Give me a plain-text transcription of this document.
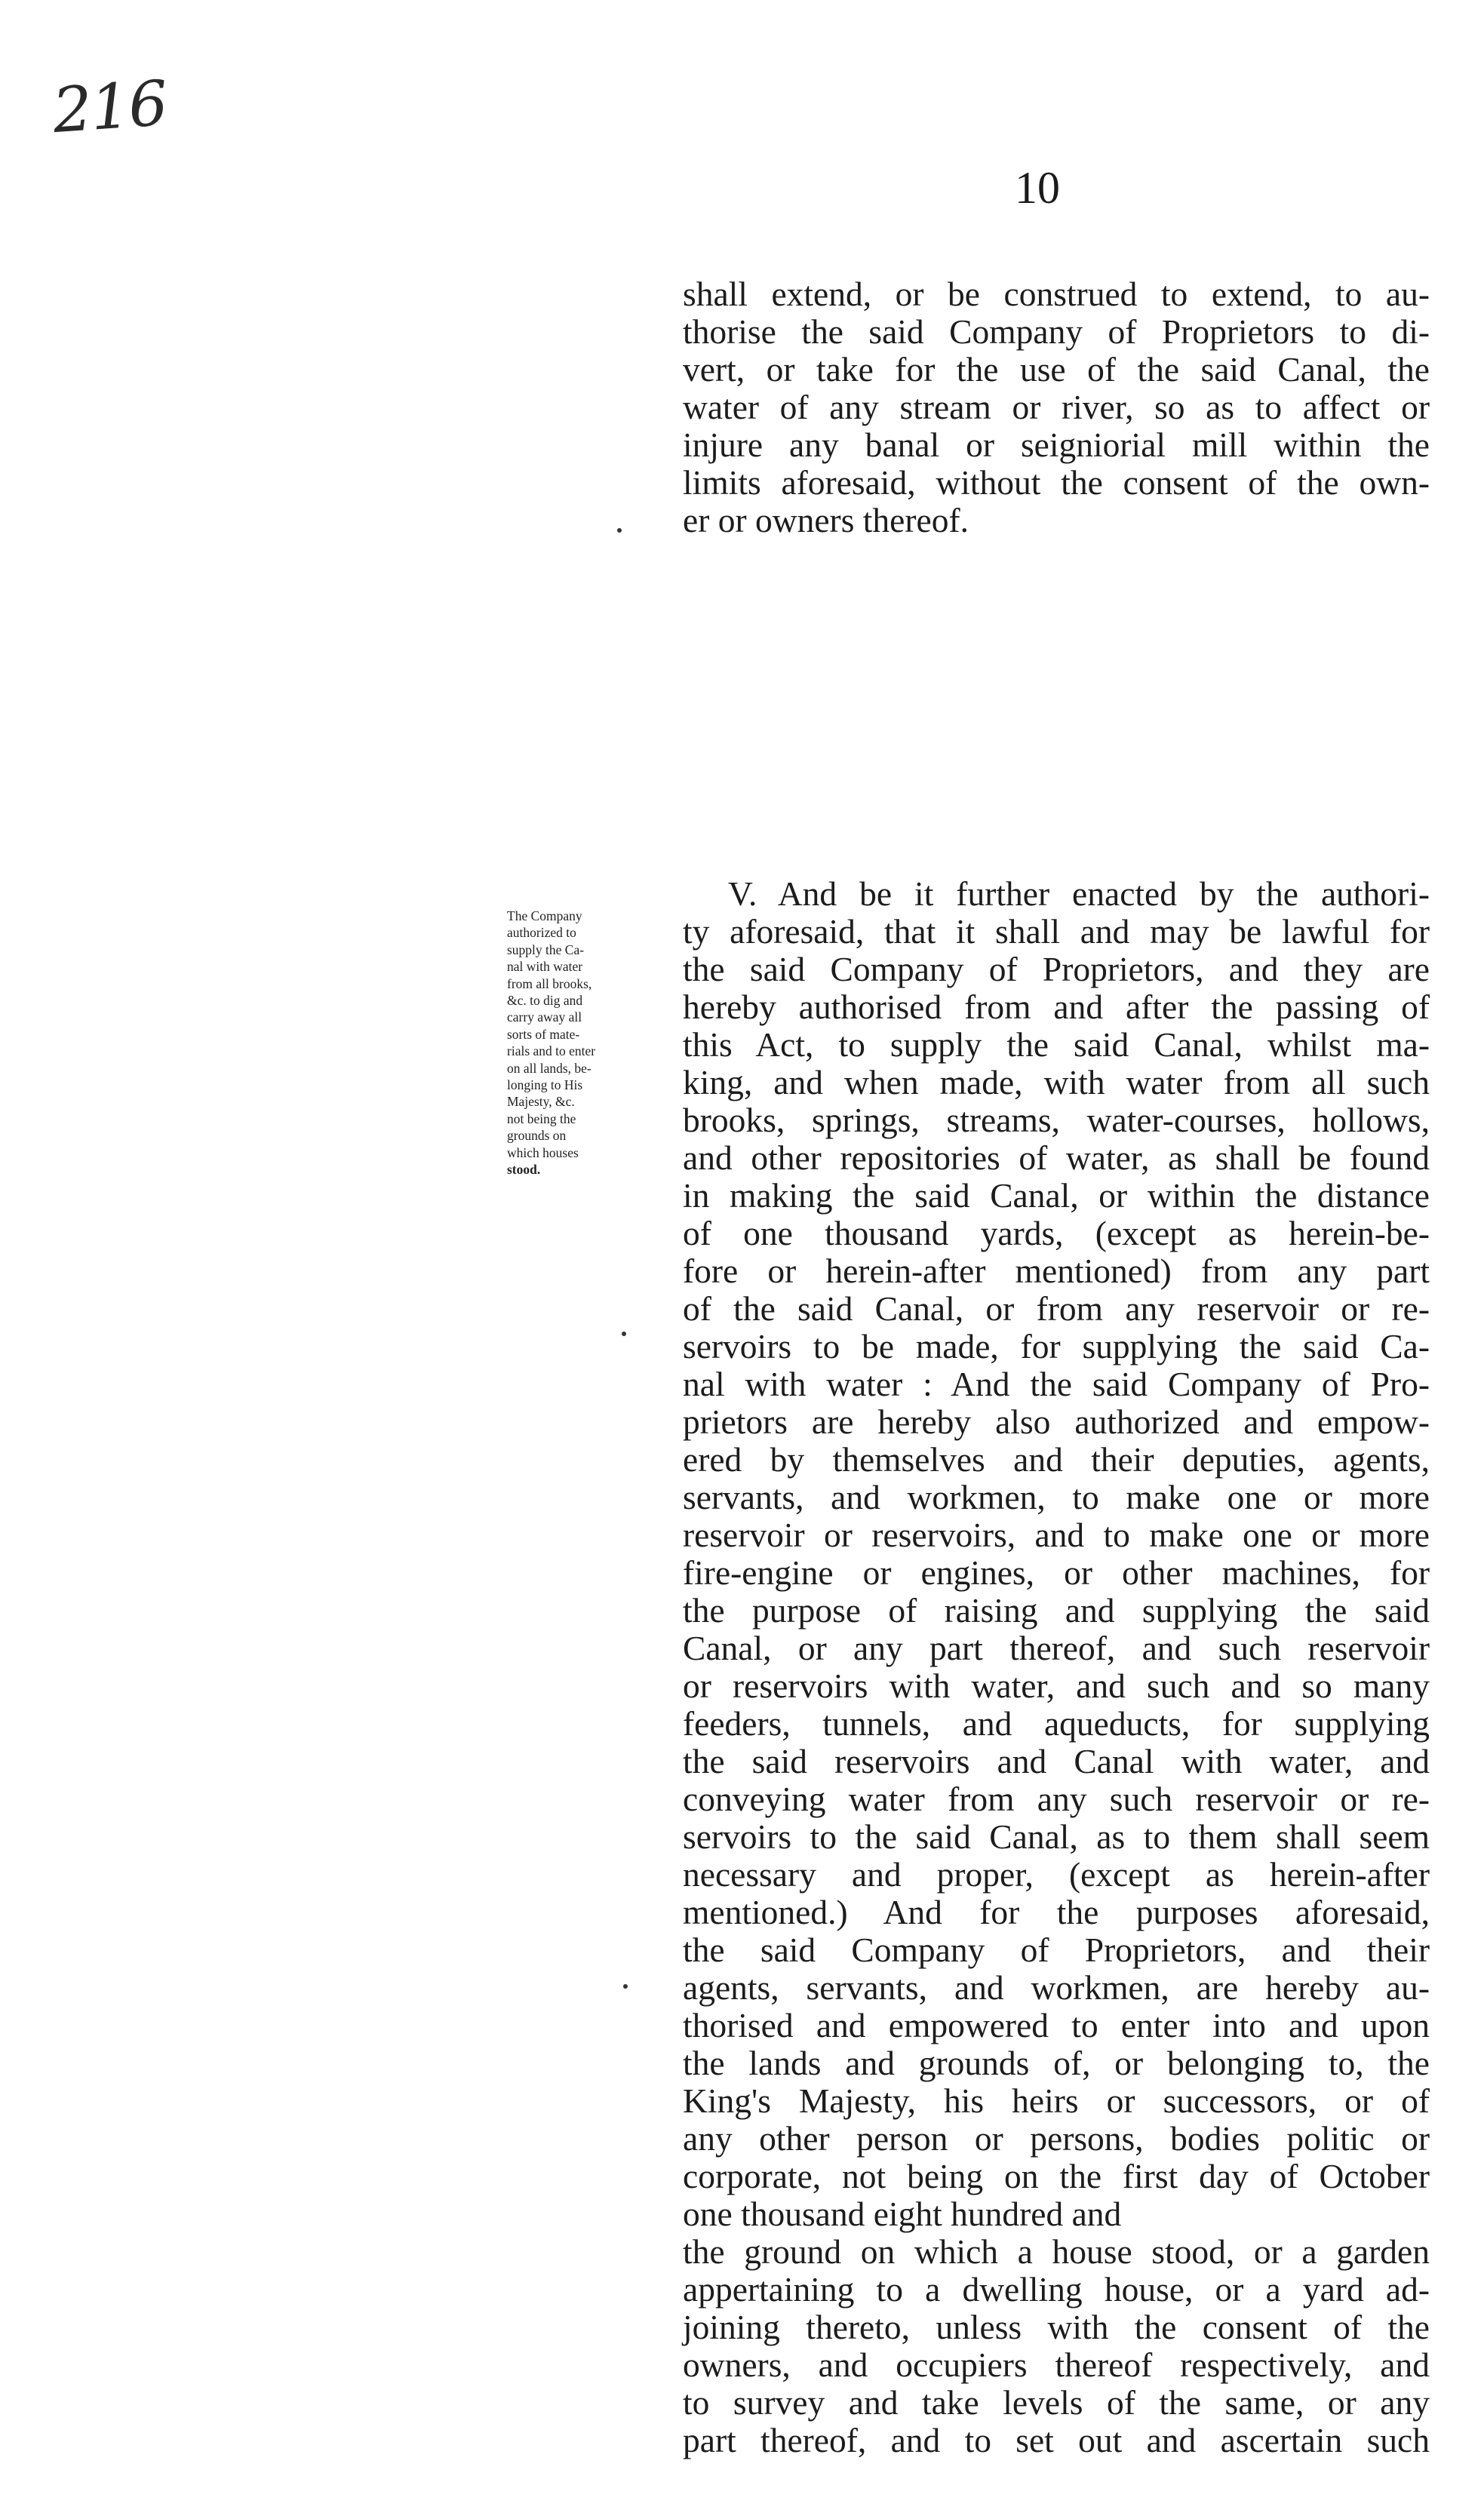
216
10
shall extend, or be construed to extend, to au-
thorise the said Company of Proprietors to di-
vert, or take for the use of the said Canal, the
water of any stream or river, so as to affect or
injure any banal or seigniorial mill within the
limits aforesaid, without the consent of the own-
er or owners thereof.
The Company
authorized to
supply the Ca-
nal with water
from all brooks,
&c. to dig and
carry away all
sorts of mate-
rials and to enter
on all lands, be-
longing to His
Majesty, &c.
not being the
grounds on
which houses
stood.
V. And be it further enacted by the authori-
ty aforesaid, that it shall and may be lawful for
the said Company of Proprietors, and they are
hereby authorised from and after the passing of
this Act, to supply the said Canal, whilst ma-
king, and when made, with water from all such
brooks, springs, streams, water-courses, hollows,
and other repositories of water, as shall be found
in making the said Canal, or within the distance
of one thousand yards, (except as herein-be-
fore or herein-after mentioned) from any part
of the said Canal, or from any reservoir or re-
servoirs to be made, for supplying the said Ca-
nal with water : And the said Company of Pro-
prietors are hereby also authorized and empow-
ered by themselves and their deputies, agents,
servants, and workmen, to make one or more
reservoir or reservoirs, and to make one or more
fire-engine or engines, or other machines, for
the purpose of raising and supplying the said
Canal, or any part thereof, and such reservoir
or reservoirs with water, and such and so many
feeders, tunnels, and aqueducts, for supplying
the said reservoirs and Canal with water, and
conveying water from any such reservoir or re-
servoirs to the said Canal, as to them shall seem
necessary and proper, (except as herein-after
mentioned.) And for the purposes aforesaid,
the said Company of Proprietors, and their
agents, servants, and workmen, are hereby au-
thorised and empowered to enter into and upon
the lands and grounds of, or belonging to, the
King's Majesty, his heirs or successors, or of
any other person or persons, bodies politic or
corporate, not being on the first day of October
one thousand eight hundred and
the ground on which a house stood, or a garden
appertaining to a dwelling house, or a yard ad-
joining thereto, unless with the consent of the
owners, and occupiers thereof respectively, and
to survey and take levels of the same, or any
part thereof, and to set out and ascertain such
